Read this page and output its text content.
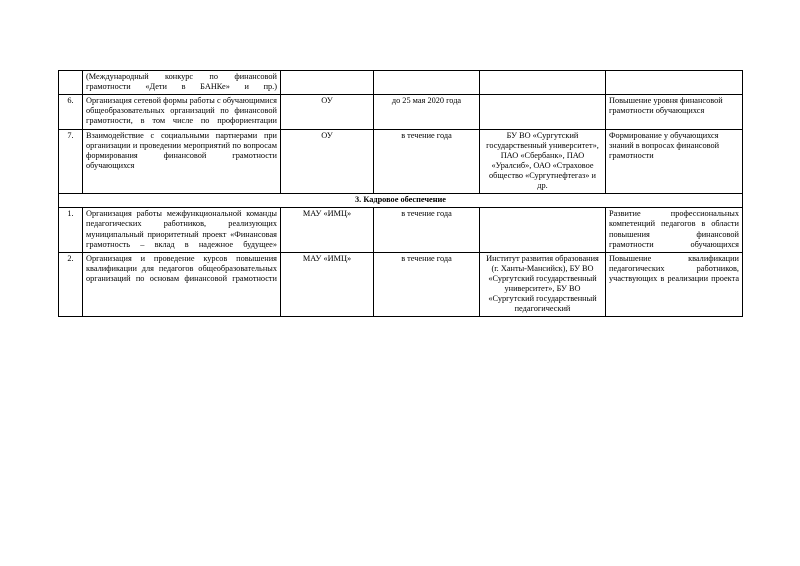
	(Международный конкурс по финансовой грамотности «Дети в БАНКе» и пр.)				
6.	Организация сетевой формы работы с обучающимися общеобразовательных организаций по финансовой грамотности, в том числе по профориентации	ОУ	до 25 мая 2020 года		Повышение уровня финансовой грамотности обучающихся
7.	Взаимодействие с социальными партнерами при организации и проведении мероприятий по вопросам формирования финансовой грамотности обучающихся	ОУ	в течение года	БУ ВО «Сургутский государственный университет», ПАО «Сбербанк», ПАО «Уралсиб», ОАО «Страховое общество «Сургутнефтегаз» и др.	Формирование у обучающихся знаний в вопросах финансовой грамотности
3. Кадровое обеспечение					
1.	Организация работы межфункциональной команды педагогических работников, реализующих муниципальный приоритетный проект «Финансовая грамотность – вклад в надежное будущее»	МАУ «ИМЦ»	в течение года		Развитие профессиональных компетенций педагогов в области повышения финансовой грамотности обучающихся
2.	Организация и проведение курсов повышения квалификации для педагогов общеобразовательных организаций по основам финансовой грамотности	МАУ «ИМЦ»	в течение года	Институт развития образования (г. Ханты-Мансийск), БУ ВО «Сургутский государственный университет», БУ ВО «Сургутский государственный педагогический	Повышение квалификации педагогических работников, участвующих в реализации проекта
